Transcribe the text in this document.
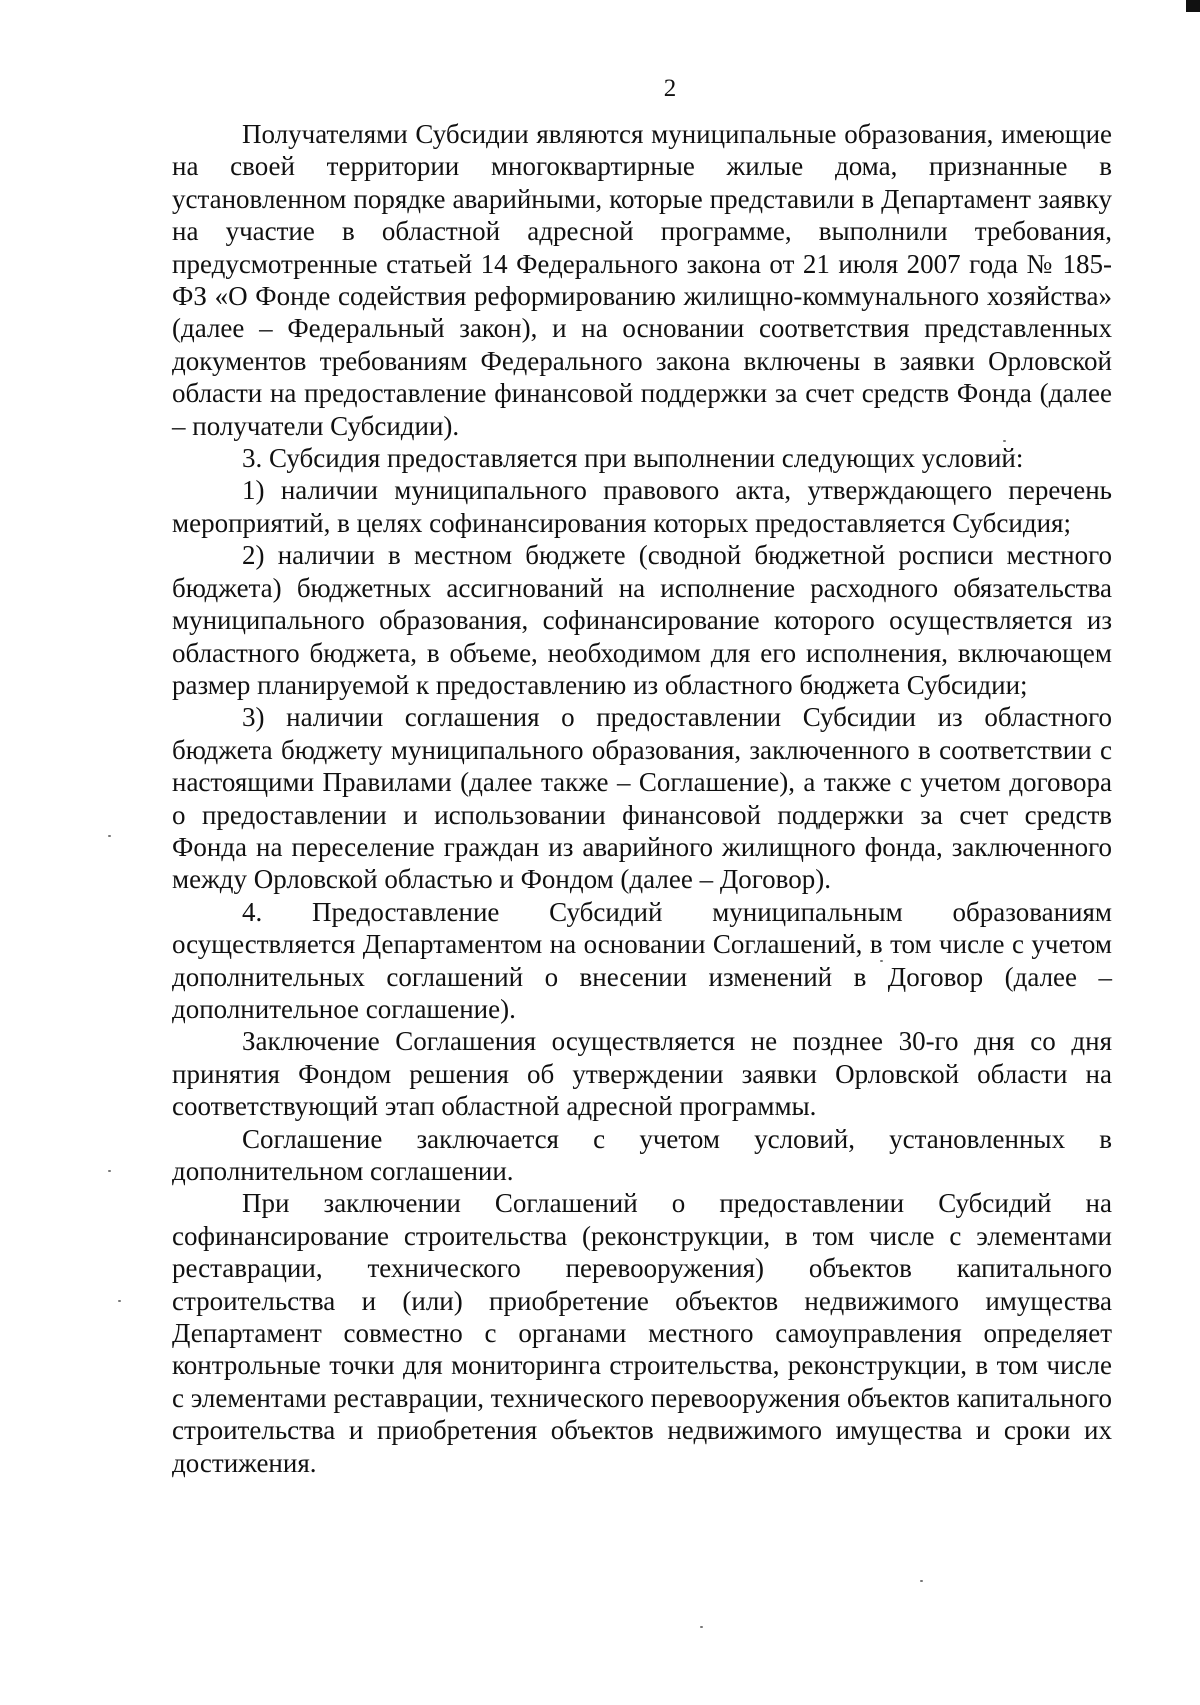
2

Получателями Субсидии являются муниципальные образования, имеющие на своей территории многоквартирные жилые дома, признанные в установленном порядке аварийными, которые представили в Департамент заявку на участие в областной адресной программе, выполнили требования, предусмотренные статьей 14 Федерального закона от 21 июля 2007 года № 185-ФЗ «О Фонде содействия реформированию жилищно-коммунального хозяйства» (далее – Федеральный закон), и на основании соответствия представленных документов требованиям Федерального закона включены в заявки Орловской области на предоставление финансовой поддержки за счет средств Фонда (далее – получатели Субсидии).

3. Субсидия предоставляется при выполнении следующих условий:

1) наличии муниципального правового акта, утверждающего перечень мероприятий, в целях софинансирования которых предоставляется Субсидия;

2) наличии в местном бюджете (сводной бюджетной росписи местного бюджета) бюджетных ассигнований на исполнение расходного обязательства муниципального образования, софинансирование которого осуществляется из областного бюджета, в объеме, необходимом для его исполнения, включающем размер планируемой к предоставлению из областного бюджета Субсидии;

3) наличии соглашения о предоставлении Субсидии из областного бюджета бюджету муниципального образования, заключенного в соответствии с настоящими Правилами (далее также – Соглашение), а также с учетом договора о предоставлении и использовании финансовой поддержки за счет средств Фонда на переселение граждан из аварийного жилищного фонда, заключенного между Орловской областью и Фондом (далее – Договор).

4. Предоставление Субсидий муниципальным образованиям осуществляется Департаментом на основании Соглашений, в том числе с учетом дополнительных соглашений о внесении изменений в Договор (далее – дополнительное соглашение).

Заключение Соглашения осуществляется не позднее 30-го дня со дня принятия Фондом решения об утверждении заявки Орловской области на соответствующий этап областной адресной программы.

Соглашение заключается с учетом условий, установленных в дополнительном соглашении.

При заключении Соглашений о предоставлении Субсидий на софинансирование строительства (реконструкции, в том числе с элементами реставрации, технического перевооружения) объектов капитального строительства и (или) приобретение объектов недвижимого имущества Департамент совместно с органами местного самоуправления определяет контрольные точки для мониторинга строительства, реконструкции, в том числе с элементами реставрации, технического перевооружения объектов капитального строительства и приобретения объектов недвижимого имущества и сроки их достижения.
